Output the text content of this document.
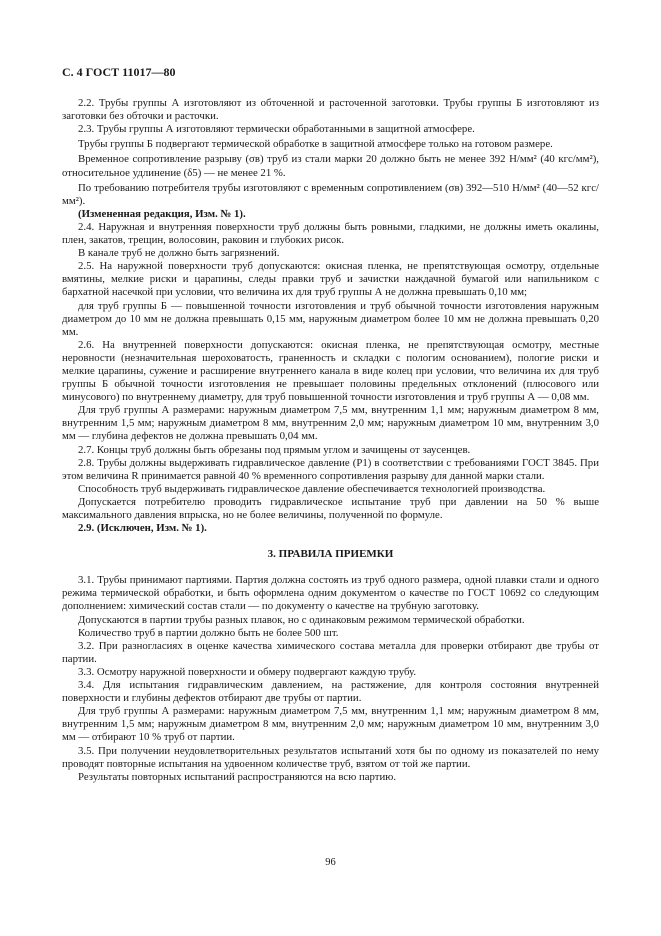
С. 4 ГОСТ 11017—80

2.2. Трубы группы А изготовляют из обточенной и расточенной заготовки. Трубы группы Б изготовляют из заготовки без обточки и расточки.

2.3. Трубы группы А изготовляют термически обработанными в защитной атмосфере.

Трубы группы Б подвергают термической обработке в защитной атмосфере только на готовом размере.

Временное сопротивление разрыву (σв) труб из стали марки 20 должно быть не менее 392 Н/мм² (40 кгс/мм²), относительное удлинение (δ5) — не менее 21 %.

По требованию потребителя трубы изготовляют с временным сопротивлением (σв) 392—510 Н/мм² (40—52 кгс/мм²).

(Измененная редакция, Изм. № 1).

2.4. Наружная и внутренняя поверхности труб должны быть ровными, гладкими, не должны иметь окалины, плен, закатов, трещин, волосовин, раковин и глубоких рисок.

В канале труб не должно быть загрязнений.

2.5. На наружной поверхности труб допускаются: окисная пленка, не препятствующая осмотру, отдельные вмятины, мелкие риски и царапины, следы правки труб и зачистки наждачной бумагой или напильником с бархатной насечкой при условии, что величина их для труб группы А не должна превышать 0,10 мм;

для труб группы Б — повышенной точности изготовления и труб обычной точности изготовления наружным диаметром до 10 мм не должна превышать 0,15 мм, наружным диаметром более 10 мм не должна превышать 0,20 мм.

2.6. На внутренней поверхности допускаются: окисная пленка, не препятствующая осмотру, местные неровности (незначительная шероховатость, граненность и складки с пологим основанием), пологие риски и мелкие царапины, сужение и расширение внутреннего канала в виде колец при условии, что величина их для труб группы Б обычной точности изготовления не превышает половины предельных отклонений (плюсового или минусового) по внутреннему диаметру, для труб повышенной точности изготовления и труб группы А — 0,08 мм.

Для труб группы А размерами: наружным диаметром 7,5 мм, внутренним 1,1 мм; наружным диаметром 8 мм, внутренним 1,5 мм; наружным диаметром 8 мм, внутренним 2,0 мм; наружным диаметром 10 мм, внутренним 3,0 мм — глубина дефектов не должна превышать 0,04 мм.

2.7. Концы труб должны быть обрезаны под прямым углом и зачищены от заусенцев.

2.8. Трубы должны выдерживать гидравлическое давление (P1) в соответствии с требованиями ГОСТ 3845. При этом величина R принимается равной 40 % временного сопротивления разрыву для данной марки стали.

Способность труб выдерживать гидравлическое давление обеспечивается технологией производства.

Допускается потребителю проводить гидравлическое испытание труб при давлении на 50 % выше максимального давления впрыска, но не более величины, полученной по формуле.

2.9. (Исключен, Изм. № 1).

3. ПРАВИЛА ПРИЕМКИ

3.1. Трубы принимают партиями. Партия должна состоять из труб одного размера, одной плавки стали и одного режима термической обработки, и быть оформлена одним документом о качестве по ГОСТ 10692 со следующим дополнением: химический состав стали — по документу о качестве на трубную заготовку.

Допускаются в партии трубы разных плавок, но с одинаковым режимом термической обработки.

Количество труб в партии должно быть не более 500 шт.

3.2. При разногласиях в оценке качества химического состава металла для проверки отбирают две трубы от партии.

3.3. Осмотру наружной поверхности и обмеру подвергают каждую трубу.

3.4. Для испытания гидравлическим давлением, на растяжение, для контроля состояния внутренней поверхности и глубины дефектов отбирают две трубы от партии.

Для труб группы А размерами: наружным диаметром 7,5 мм, внутренним 1,1 мм; наружным диаметром 8 мм, внутренним 1,5 мм; наружным диаметром 8 мм, внутренним 2,0 мм; наружным диаметром 10 мм, внутренним 3,0 мм — отбирают 10 % труб от партии.

3.5. При получении неудовлетворительных результатов испытаний хотя бы по одному из показателей по нему проводят повторные испытания на удвоенном количестве труб, взятом от той же партии.

Результаты повторных испытаний распространяются на всю партию.

96
